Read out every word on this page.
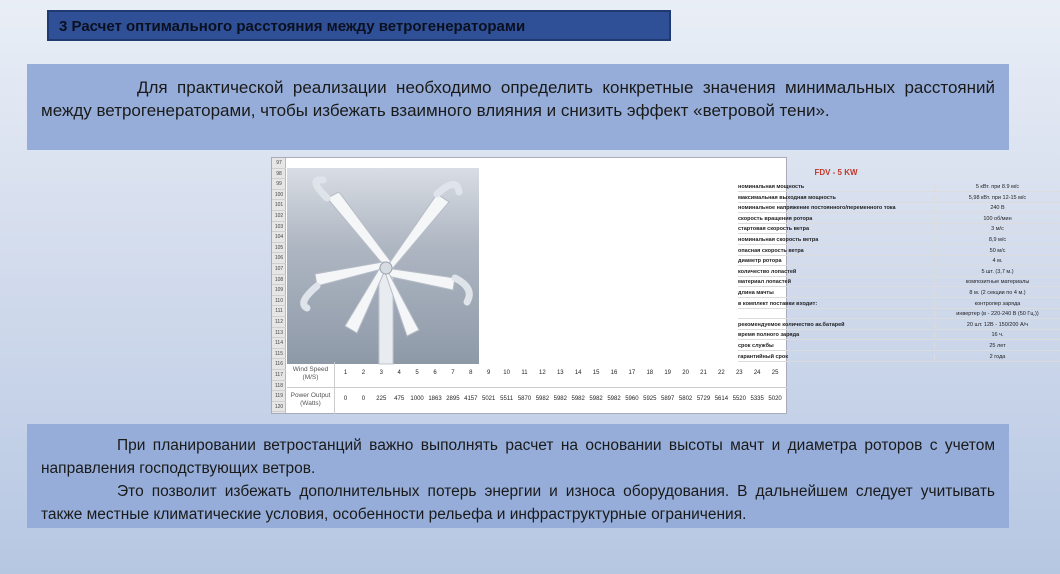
3 Расчет оптимального расстояния между ветрогенераторами

Для практической реализации необходимо определить конкретные значения минимальных расстояний между ветрогенераторами, чтобы избежать взаимного влияния и снизить эффект «ветровой тени».

97
98
99
100
101
102
103
104
105
106
107
108
109
110
111
112
113
114
115
116
117
118
119
120
FDV - 5 KW
номинальная мощность	5 кВт. при 8.9 м/с
максимальная выходная мощность	5,98 кВт. при 12-15 м/с
номинальное напряжение постоянного/переменного тока	240 В
скорость вращения ротора	100 об/мин
стартовая скорость ветра	3 м/с
номинальная скорость ветра	8,9 м/с
опасная скорость ветра	50 м/с
диаметр ротора	4 м.
количество лопастей	5 шт. (3,7 м.)
материал лопастей	композитные материалы
длина мачты	8 м. (2 секции по 4 м.)
в комплект поставки входит:	контролер заряда
инвертер (в - 220-240 В (50 Гц.))
рекомендуемое количество ак.батарей	20 шт. 12В - 150/200 А/ч
время полного заряда	16 ч.
срок службы	25 лет
гарантийный срок	2 года
Wind Speed (M/S)
1	2	3	4	5	6	7	8	9	10	11	12	13	14	15	16	17	18	19	20	21	22	23	24	25
Power Output (Watts)
0	0	225	475	1000 1863 2895 4157 5021 5511 5870 5982 5982 5982 5982 5982 5960 5925 5897 5802 5729 5614 5520 5335 5020

При планировании ветростанций важно выполнять расчет на основании высоты мачт и диаметра роторов с учетом направления господствующих ветров.

Это позволит избежать дополнительных потерь энергии и износа оборудования. В дальнейшем следует учитывать также местные климатические условия, особенности рельефа и инфраструктурные ограничения.
